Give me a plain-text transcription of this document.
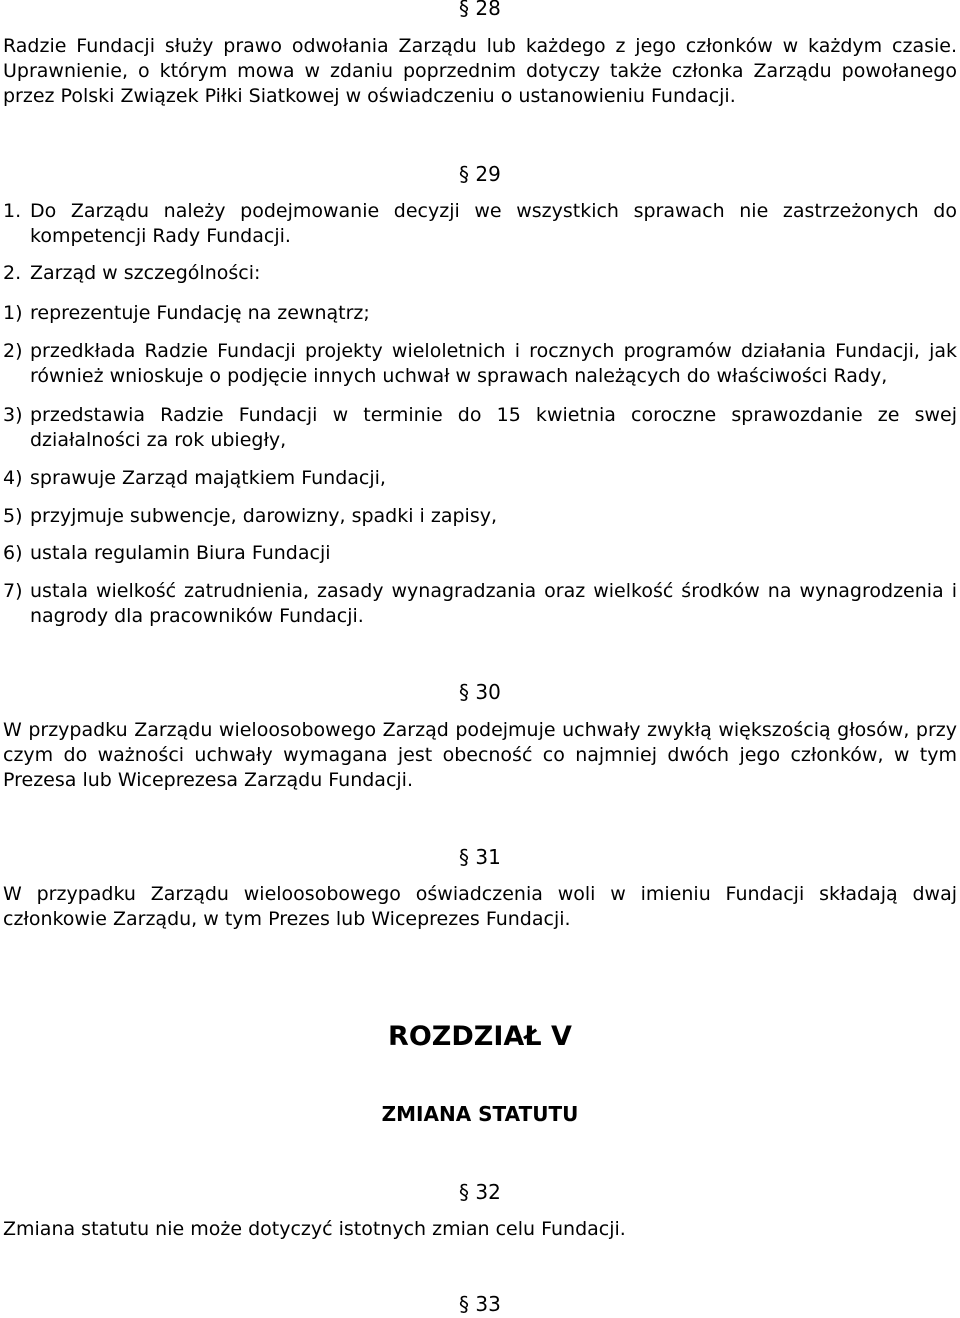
§ 28

Radzie Fundacji służy prawo odwołania Zarządu lub każdego z jego członków w każdym czasie. Uprawnienie, o którym mowa w zdaniu poprzednim dotyczy także członka Zarządu powołanego przez Polski Związek Piłki Siatkowej w oświadczeniu o ustanowieniu Fundacji.

§ 29
1. Do Zarządu należy podejmowanie decyzji we wszystkich sprawach nie zastrzeżonych do kompetencji Rady Fundacji.
2. Zarząd w szczególności:
1) reprezentuje Fundację na zewnątrz;
2) przedkłada Radzie Fundacji projekty wieloletnich i rocznych programów działania Fundacji, jak również wnioskuje o podjęcie innych uchwał w sprawach należących do właściwości Rady,
3) przedstawia Radzie Fundacji w terminie do 15 kwietnia coroczne sprawozdanie ze swej działalności za rok ubiegły,
4) sprawuje Zarząd majątkiem Fundacji,
5) przyjmuje subwencje, darowizny, spadki i zapisy,
6) ustala regulamin Biura Fundacji
7) ustala wielkość zatrudnienia, zasady wynagradzania oraz wielkość środków na wynagrodzenia i nagrody dla pracowników Fundacji.
§ 30

W przypadku Zarządu wieloosobowego Zarząd podejmuje uchwały zwykłą większością głosów, przy czym do ważności uchwały wymagana jest obecność co najmniej dwóch jego członków, w tym Prezesa lub Wiceprezesa Zarządu Fundacji.

§ 31

W przypadku Zarządu wieloosobowego oświadczenia woli w imieniu Fundacji składają dwaj członkowie Zarządu, w tym Prezes lub Wiceprezes Fundacji.

ROZDZIAŁ V
ZMIANA STATUTU
§ 32

Zmiana statutu nie może dotyczyć istotnych zmian celu Fundacji.

§ 33
